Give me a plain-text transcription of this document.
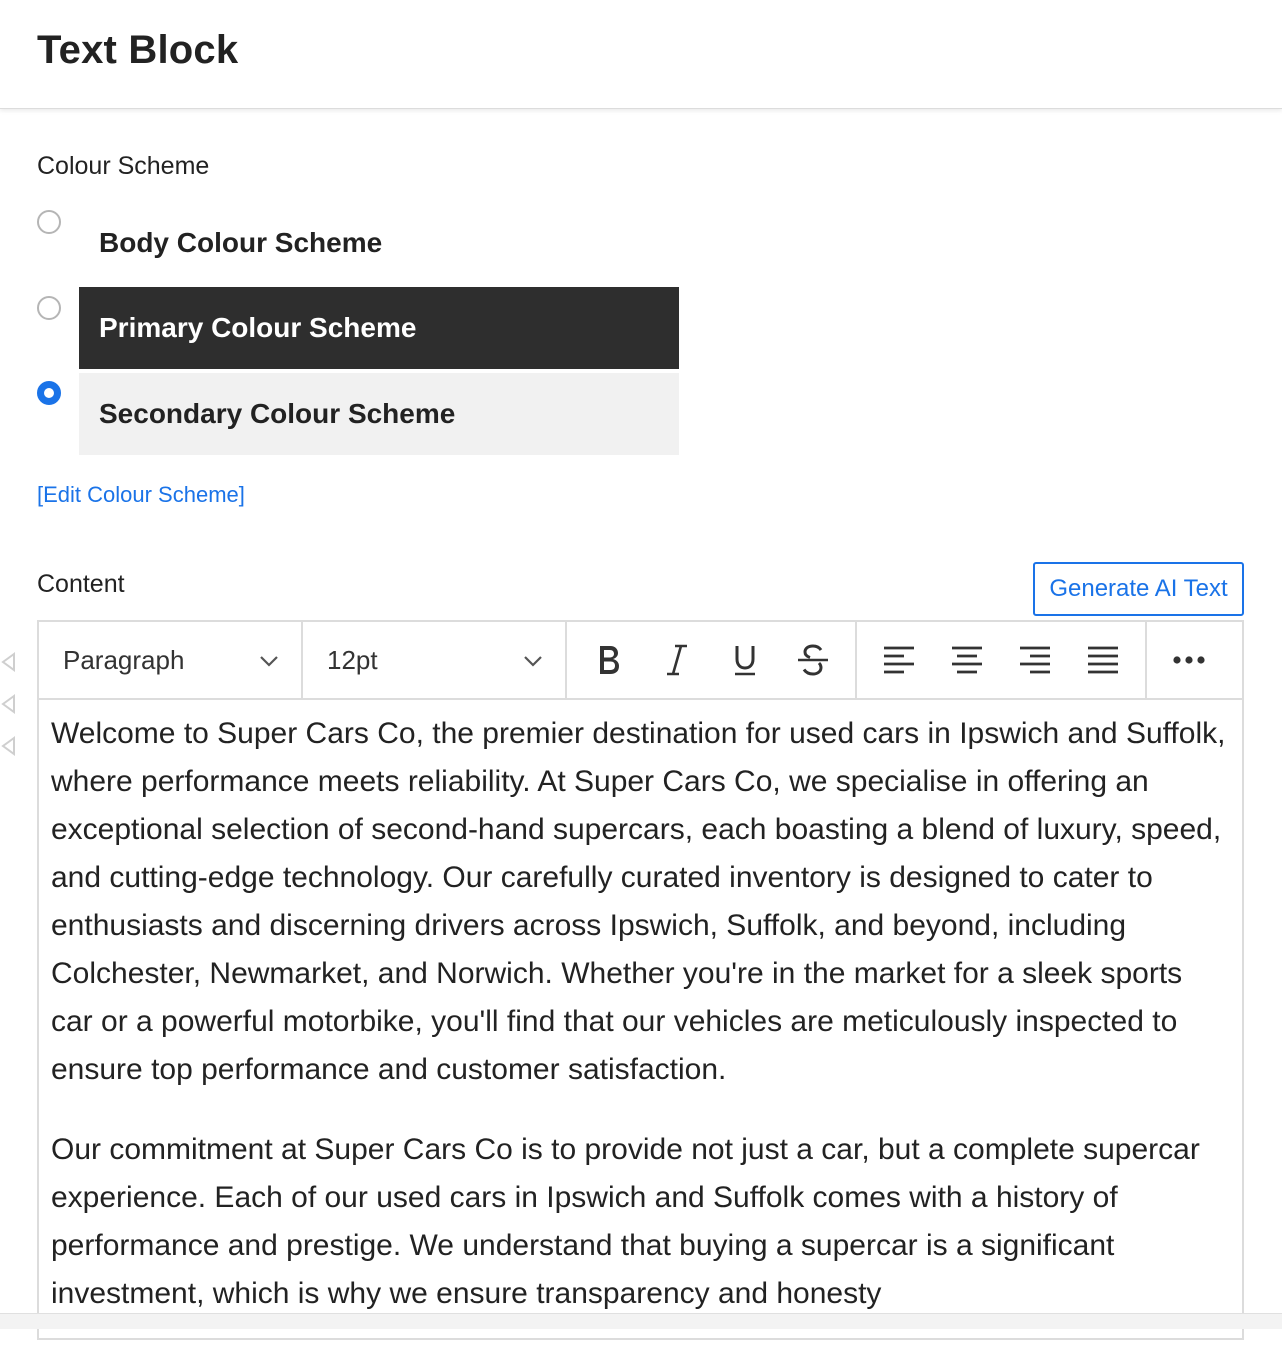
Text Block
Colour Scheme
Body Colour Scheme
Primary Colour Scheme
Secondary Colour Scheme
[Edit Colour Scheme]
Content	Generate AI Text
Paragraph	12pt

Welcome to Super Cars Co, the premier destination for used cars in Ipswich and Suffolk, where performance meets reliability. At Super Cars Co, we specialise in offering an exceptional selection of second-hand supercars, each boasting a blend of luxury, speed, and cutting-edge technology. Our carefully curated inventory is designed to cater to enthusiasts and discerning drivers across Ipswich, Suffolk, and beyond, including Colchester, Newmarket, and Norwich. Whether you're in the market for a sleek sports car or a powerful motorbike, you'll find that our vehicles are meticulously inspected to ensure top performance and customer satisfaction.

Our commitment at Super Cars Co is to provide not just a car, but a complete supercar experience. Each of our used cars in Ipswich and Suffolk comes with a history of performance and prestige. We understand that buying a supercar is a significant investment, which is why we ensure transparency and honesty
